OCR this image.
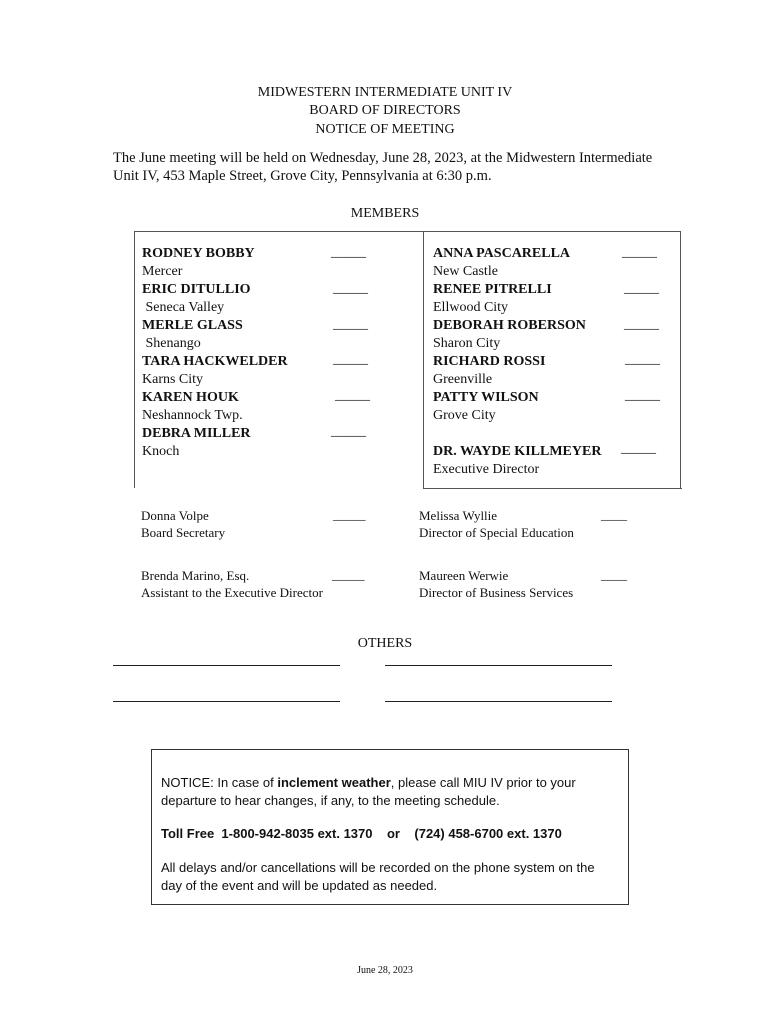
MIDWESTERN INTERMEDIATE UNIT IV
BOARD OF DIRECTORS
NOTICE OF MEETING
The June meeting will be held on Wednesday, June 28, 2023, at the Midwestern Intermediate
Unit IV, 453 Maple Street, Grove City, Pennsylvania at 6:30 p.m.
MEMBERS
RODNEY BOBBY
Mercer
ERIC DITULLIO
Seneca Valley
MERLE GLASS
Shenango
TARA HACKWELDER
Karns City
KAREN HOUK
Neshannock Twp.
DEBRA MILLER
Knoch
_____
_____
_____
_____
_____
_____
ANNA PASCARELLA
New Castle
RENEE PITRELLI
Ellwood City
DEBORAH ROBERSON
Sharon City
RICHARD ROSSI
Greenville
PATTY WILSON
Grove City
DR. WAYDE KILLMEYER
Executive Director
_____
_____
_____
_____
_____
_____
Donna Volpe
Board Secretary
_____	Melissa Wyllie
Director of Special Education
____
Brenda Marino, Esq.
Assistant to the Executive Director
_____	Maureen Werwie
Director of Business Services
____
OTHERS

NOTICE: In case of inclement weather, please call MIU IV prior to your departure to hear changes, if any, to the meeting schedule.

Toll Free  1-800-942-8035 ext. 1370    or    (724) 458-6700 ext. 1370

All delays and/or cancellations will be recorded on the phone system on the day of the event and will be updated as needed.

June 28, 2023
